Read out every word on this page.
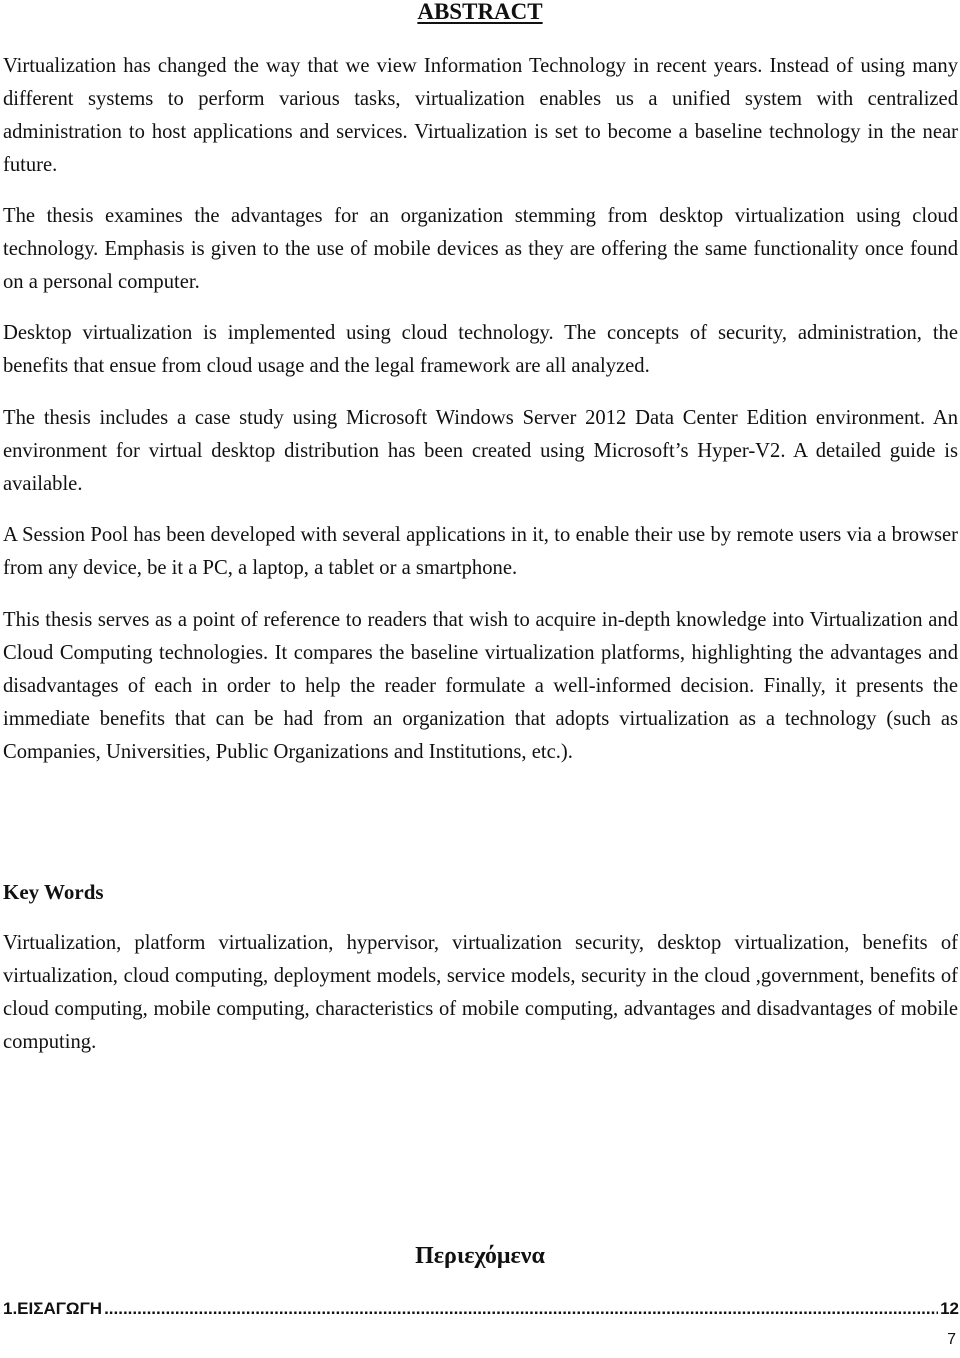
ABSTRACT

Virtualization has changed the way that we view Information Technology in recent years. Instead of using many different systems to perform various tasks, virtualization enables us a unified system with centralized administration to host applications and services. Virtualization is set to become a baseline technology in the near future.

The thesis examines the advantages for an organization stemming from desktop virtualization using cloud technology. Emphasis is given to the use of mobile devices as they are offering the same functionality once found on a personal computer.

Desktop virtualization is implemented using cloud technology. The concepts of security, administration, the benefits that ensue from cloud usage and the legal framework are all analyzed.

The thesis includes a case study using Microsoft Windows Server 2012 Data Center Edition environment. An environment for virtual desktop distribution has been created using Microsoft’s Hyper-V2. A detailed guide is available.

A Session Pool has been developed with several applications in it, to enable their use by remote users via a browser from any device, be it a PC, a laptop, a tablet or a smartphone.

This thesis serves as a point of reference to readers that wish to acquire in-depth knowledge into Virtualization and Cloud Computing technologies. It compares the baseline virtualization platforms, highlighting the advantages and disadvantages of each in order to help the reader formulate a well-informed decision. Finally, it presents the immediate benefits that can be had from an organization that adopts virtualization as a technology (such as Companies, Universities, Public Organizations and Institutions, etc.).

Key Words

Virtualization, platform virtualization, hypervisor, virtualization security, desktop virtualization, benefits of virtualization, cloud computing, deployment models, service models, security in the cloud ,government, benefits of cloud computing, mobile computing, characteristics of mobile computing, advantages and disadvantages of mobile computing.

Περιεχόμενα
1.ΕΙΣΑΓΩΓΗ
.....	12
7
